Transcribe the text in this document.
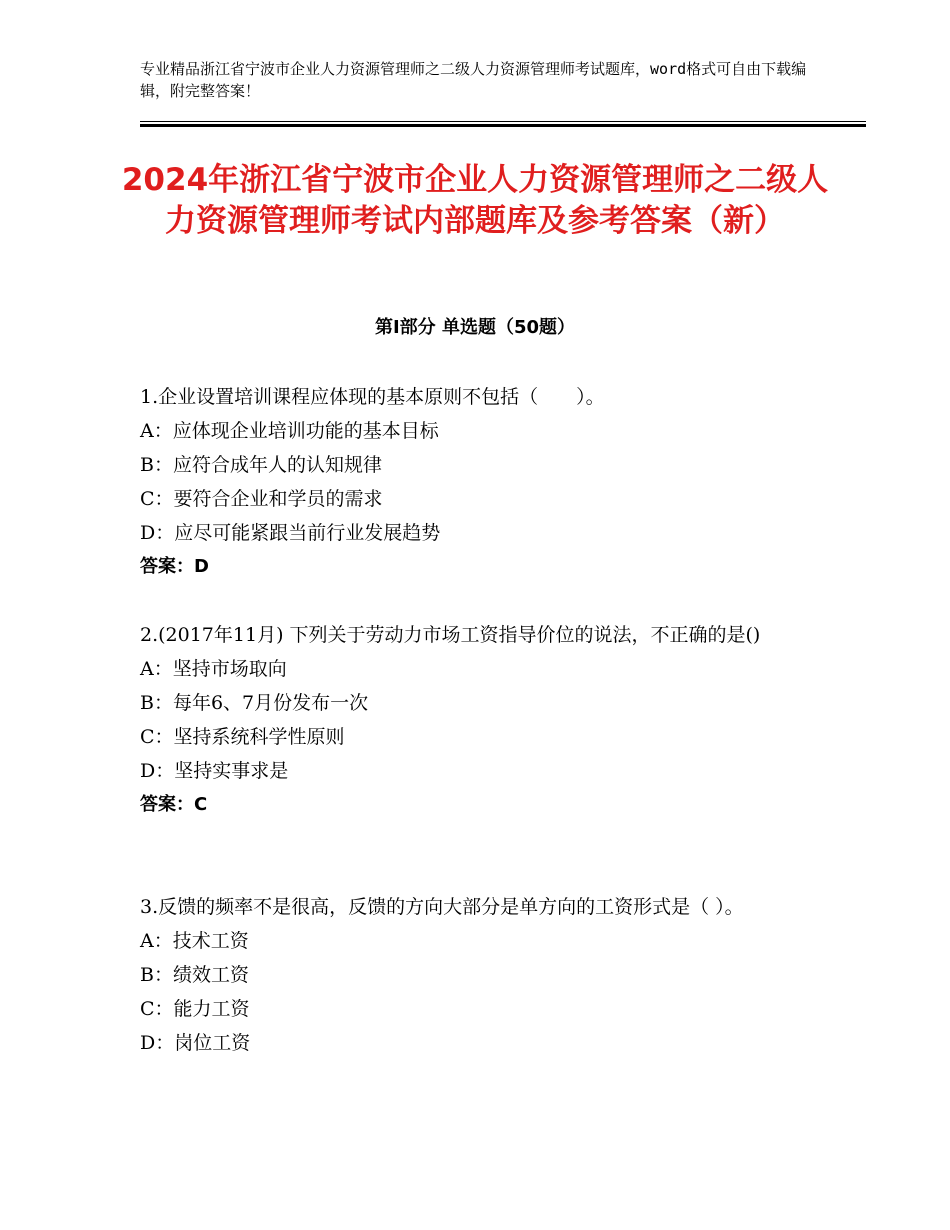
专业精品浙江省宁波市企业人力资源管理师之二级人力资源管理师考试题库，word格式可自由下载编辑，附完整答案！
2024年浙江省宁波市企业人力资源管理师之二级人力资源管理师考试内部题库及参考答案（新）
第Ⅰ部分 单选题（50题）

1.企业设置培训课程应体现的基本原则不包括（　　）。

A：应体现企业培训功能的基本目标

B：应符合成年人的认知规律

C：要符合企业和学员的需求

D：应尽可能紧跟当前行业发展趋势

答案：D

2.(2017年11月) 下列关于劳动力市场工资指导价位的说法，不正确的是()

A：坚持市场取向

B：每年6、7月份发布一次

C：坚持系统科学性原则

D：坚持实事求是

答案：C

3.反馈的频率不是很高，反馈的方向大部分是单方向的工资形式是（ ）。

A：技术工资

B：绩效工资

C：能力工资

D：岗位工资
